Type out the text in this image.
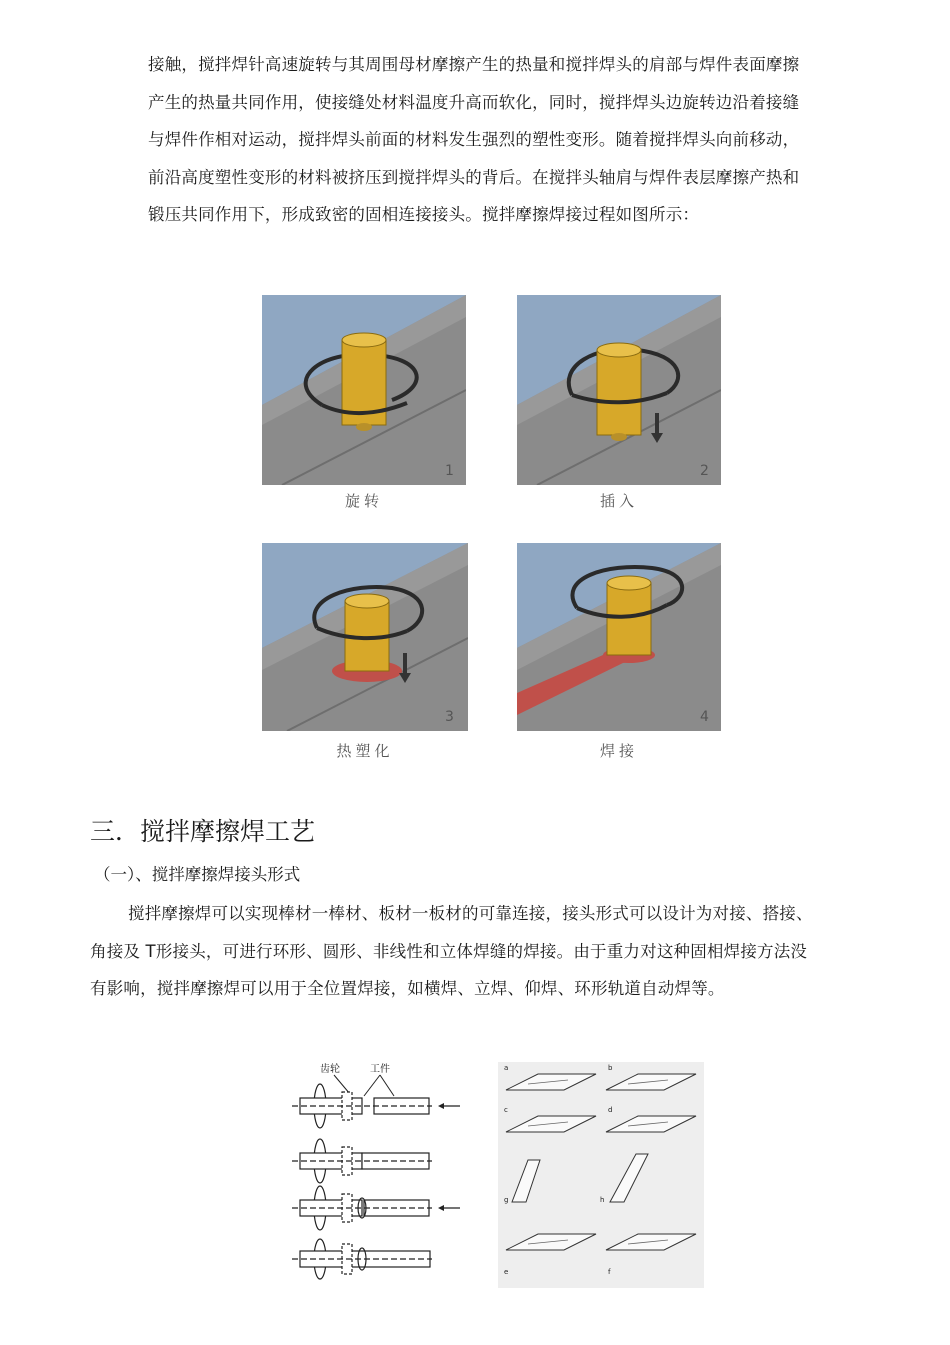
接触，搅拌焊针高速旋转与其周围母材摩擦产生的热量和搅拌焊头的肩部与焊件表面摩擦产生的热量共同作用，使接缝处材料温度升高而软化，同时，搅拌焊头边旋转边沿着接缝与焊件作相对运动，搅拌焊头前面的材料发生强烈的塑性变形。随着搅拌焊头向前移动，前沿高度塑性变形的材料被挤压到搅拌焊头的背后。在搅拌头轴肩与焊件表层摩擦产热和锻压共同作用下，形成致密的固相连接接头。搅拌摩擦焊接过程如图所示：
1
旋转
2
插入
3
热塑化
4
焊接
三．搅拌摩擦焊工艺
（一）、搅拌摩擦焊接头形式
搅拌摩擦焊可以实现棒材一棒材、板材一板材的可靠连接，接头形式可以设计为对接、搭接、角接及 T形接头，可进行环形、圆形、非线性和立体焊缝的焊接。由于重力对这种固相焊接方法没有影响，搅拌摩擦焊可以用于全位置焊接，如横焊、立焊、仰焊、环形轨道自动焊等。
齿轮	工件	a	b
c	d
g	h
e	f
